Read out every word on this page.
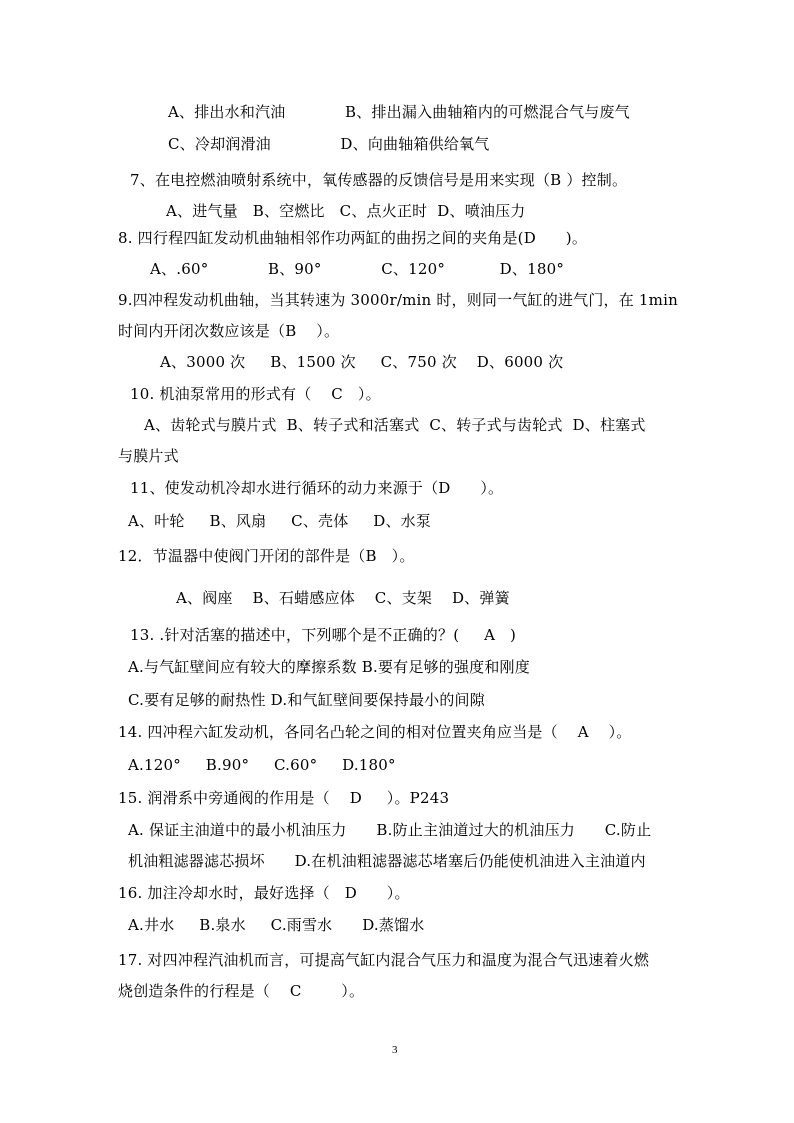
A、排出水和汽油            B、排出漏入曲轴箱内的可燃混合气与废气
C、冷却润滑油              D、向曲轴箱供给氧气
7、在电控燃油喷射系统中，氧传感器的反馈信号是用来实现（B ）控制。
A、进气量   B、空燃比   C、点火正时  D、喷油压力
8. 四行程四缸发动机曲轴相邻作功两缸的曲拐之间的夹角是(D      )。
A、.60°            B、90°            C、120°           D、180°
9.四冲程发动机曲轴，当其转速为 3000r/min 时，则同一气缸的进气门，在 1min
时间内开闭次数应该是（B    ）。
A、3000 次     B、1500 次     C、750 次    D、6000 次
10. 机油泵常用的形式有（    C   ）。
A、齿轮式与膜片式  B、转子式和活塞式  C、转子式与齿轮式  D、柱塞式
与膜片式
11、使发动机冷却水进行循环的动力来源于（D      ）。
A、叶轮     B、风扇     C、壳体     D、水泵
12．节温器中使阀门开闭的部件是（B   ）。
A、阀座    B、石蜡感应体    C、支架    D、弹簧
13. .针对活塞的描述中，下列哪个是不正确的？(     A   )
A.与气缸壁间应有较大的摩擦系数 B.要有足够的强度和刚度
C.要有足够的耐热性 D.和气缸壁间要保持最小的间隙
14. 四冲程六缸发动机，各同名凸轮之间的相对位置夹角应当是（    A    ）。
A.120°     B.90°     C.60°     D.180°
15. 润滑系中旁通阀的作用是（    D     ）。P243
A. 保证主油道中的最小机油压力      B.防止主油道过大的机油压力      C.防止
机油粗滤器滤芯损坏      D.在机油粗滤器滤芯堵塞后仍能使机油进入主油道内
16. 加注冷却水时，最好选择（   D      ）。
A.井水     B.泉水     C.雨雪水      D.蒸馏水
17. 对四冲程汽油机而言，可提高气缸内混合气压力和温度为混合气迅速着火燃
烧创造条件的行程是（    C        ）。
3
